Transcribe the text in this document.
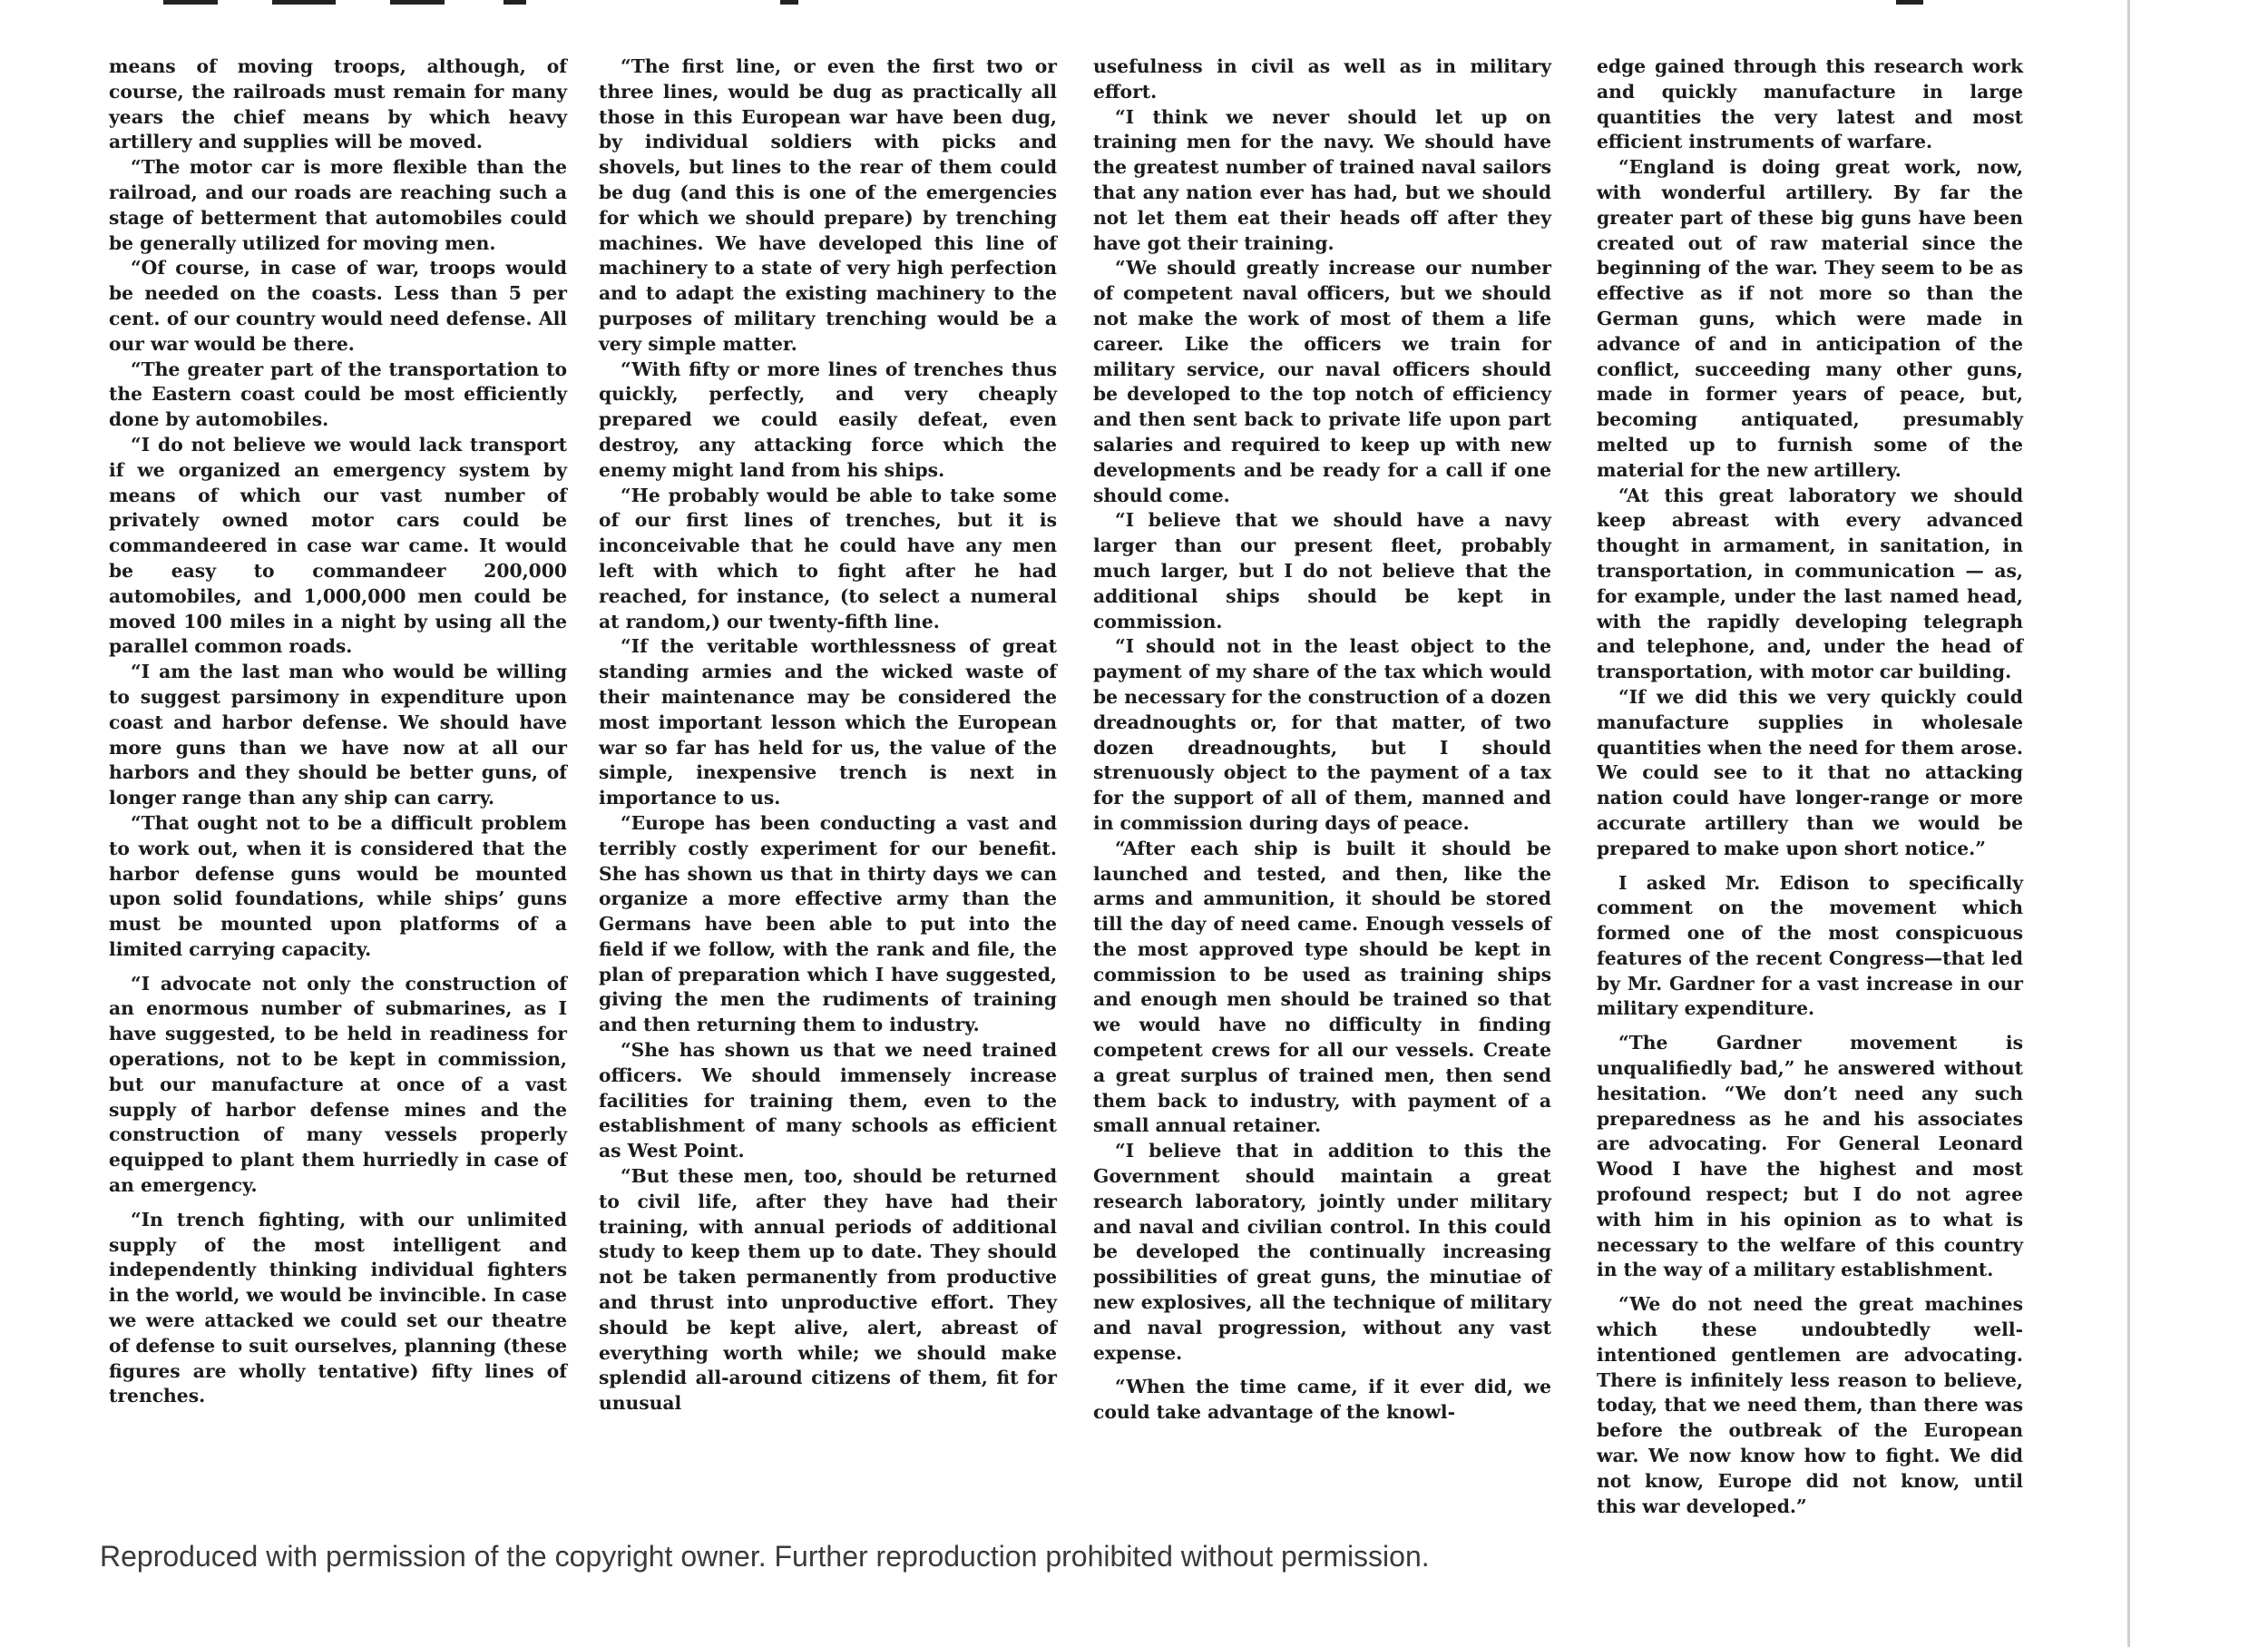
means of moving troops, although, of course, the railroads must remain for many years the chief means by which heavy artillery and supplies will be moved.

“The motor car is more flexible than the railroad, and our roads are reaching such a stage of betterment that automobiles could be generally utilized for moving men.

“Of course, in case of war, troops would be needed on the coasts. Less than 5 per cent. of our country would need defense. All our war would be there.

“The greater part of the transportation to the Eastern coast could be most efficiently done by automobiles.

“I do not believe we would lack transport if we organized an emergency system by means of which our vast number of privately owned motor cars could be commandeered in case war came. It would be easy to commandeer 200,000 automobiles, and 1,000,000 men could be moved 100 miles in a night by using all the parallel common roads.

“I am the last man who would be willing to suggest parsimony in expenditure upon coast and harbor defense. We should have more guns than we have now at all our harbors and they should be better guns, of longer range than any ship can carry.

“That ought not to be a difficult problem to work out, when it is considered that the harbor defense guns would be mounted upon solid foundations, while ships’ guns must be mounted upon platforms of a limited carrying capacity.

“I advocate not only the construction of an enormous number of submarines, as I have suggested, to be held in readiness for operations, not to be kept in commission, but our manufacture at once of a vast supply of harbor defense mines and the construction of many vessels properly equipped to plant them hurriedly in case of an emergency.

“In trench fighting, with our unlimited supply of the most intelligent and independently thinking individual fighters in the world, we would be invincible. In case we were attacked we could set our theatre of defense to suit ourselves, planning (these figures are wholly tentative) fifty lines of trenches.

“The first line, or even the first two or three lines, would be dug as practically all those in this European war have been dug, by individual soldiers with picks and shovels, but lines to the rear of them could be dug (and this is one of the emergencies for which we should prepare) by trenching machines. We have developed this line of machinery to a state of very high perfection and to adapt the existing machinery to the purposes of military trenching would be a very simple matter.

“With fifty or more lines of trenches thus quickly, perfectly, and very cheaply prepared we could easily defeat, even destroy, any attacking force which the enemy might land from his ships.

“He probably would be able to take some of our first lines of trenches, but it is inconceivable that he could have any men left with which to fight after he had reached, for instance, (to select a numeral at random,) our twenty-fifth line.

“If the veritable worthlessness of great standing armies and the wicked waste of their maintenance may be considered the most important lesson which the European war so far has held for us, the value of the simple, inexpensive trench is next in importance to us.

“Europe has been conducting a vast and terribly costly experiment for our benefit. She has shown us that in thirty days we can organize a more effective army than the Germans have been able to put into the field if we follow, with the rank and file, the plan of preparation which I have suggested, giving the men the rudiments of training and then returning them to industry.

“She has shown us that we need trained officers. We should immensely increase facilities for training them, even to the establishment of many schools as efficient as West Point.

“But these men, too, should be returned to civil life, after they have had their training, with annual periods of additional study to keep them up to date. They should not be taken permanently from productive and thrust into unproductive effort. They should be kept alive, alert, abreast of everything worth while; we should make splendid all-around citizens of them, fit for unusual

usefulness in civil as well as in military effort.

“I think we never should let up on training men for the navy. We should have the greatest number of trained naval sailors that any nation ever has had, but we should not let them eat their heads off after they have got their training.

“We should greatly increase our number of competent naval officers, but we should not make the work of most of them a life career. Like the officers we train for military service, our naval officers should be developed to the top notch of efficiency and then sent back to private life upon part salaries and required to keep up with new developments and be ready for a call if one should come.

“I believe that we should have a navy larger than our present fleet, probably much larger, but I do not believe that the additional ships should be kept in commission.

“I should not in the least object to the payment of my share of the tax which would be necessary for the construction of a dozen dreadnoughts or, for that matter, of two dozen dreadnoughts, but I should strenuously object to the payment of a tax for the support of all of them, manned and in commission during days of peace.

“After each ship is built it should be launched and tested, and then, like the arms and ammunition, it should be stored till the day of need came. Enough vessels of the most approved type should be kept in commission to be used as training ships and enough men should be trained so that we would have no difficulty in finding competent crews for all our vessels. Create a great surplus of trained men, then send them back to industry, with payment of a small annual retainer.

“I believe that in addition to this the Government should maintain a great research laboratory, jointly under military and naval and civilian control. In this could be developed the continually increasing possibilities of great guns, the minutiae of new explosives, all the technique of military and naval progression, without any vast expense.

“When the time came, if it ever did, we could take advantage of the knowl-

edge gained through this research work and quickly manufacture in large quantities the very latest and most efficient instruments of warfare.

“England is doing great work, now, with wonderful artillery. By far the greater part of these big guns have been created out of raw material since the beginning of the war. They seem to be as effective as if not more so than the German guns, which were made in advance of and in anticipation of the conflict, succeeding many other guns, made in former years of peace, but, becoming antiquated, presumably melted up to furnish some of the material for the new artillery.

“At this great laboratory we should keep abreast with every advanced thought in armament, in sanitation, in transportation, in communication — as, for example, under the last named head, with the rapidly developing telegraph and telephone, and, under the head of transportation, with motor car building.

“If we did this we very quickly could manufacture supplies in wholesale quantities when the need for them arose. We could see to it that no attacking nation could have longer-range or more accurate artillery than we would be prepared to make upon short notice.”

I asked Mr. Edison to specifically comment on the movement which formed one of the most conspicuous features of the recent Congress—that led by Mr. Gardner for a vast increase in our military expenditure.

“The Gardner movement is unqualifiedly bad,” he answered without hesitation. “We don’t need any such preparedness as he and his associates are advocating. For General Leonard Wood I have the highest and most profound respect; but I do not agree with him in his opinion as to what is necessary to the welfare of this country in the way of a military establishment.

“We do not need the great machines which these undoubtedly well-intentioned gentlemen are advocating. There is infinitely less reason to believe, today, that we need them, than there was before the outbreak of the European war. We now know how to fight. We did not know, Europe did not know, until this war developed.”

Reproduced with permission of the copyright owner. Further reproduction prohibited without permission.
